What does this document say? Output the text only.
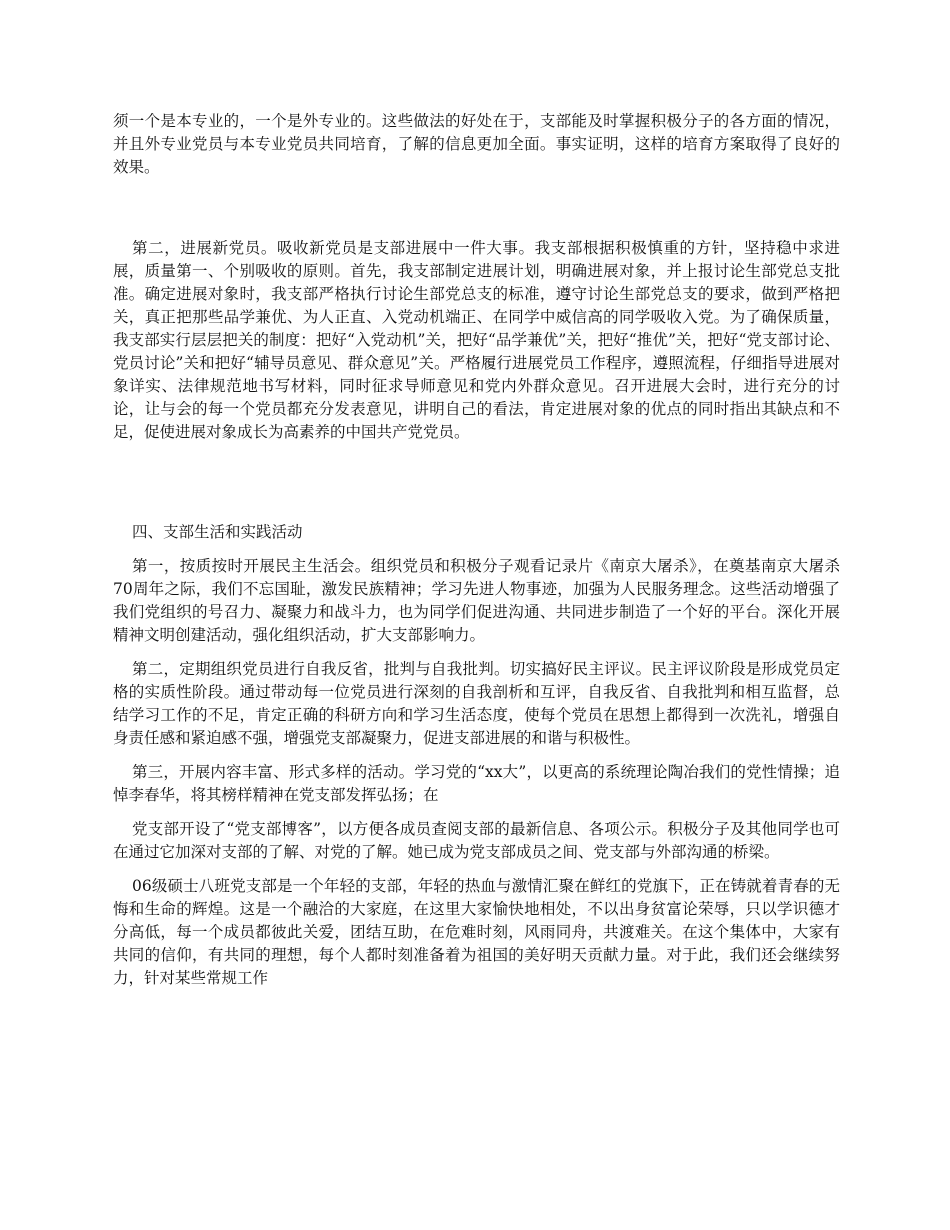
须一个是本专业的，一个是外专业的。这些做法的好处在于，支部能及时掌握积极分子的各方面的情况，并且外专业党员与本专业党员共同培育，了解的信息更加全面。事实证明，这样的培育方案取得了良好的效果。

第二，进展新党员。吸收新党员是支部进展中一件大事。我支部根据积极慎重的方针，坚持稳中求进展，质量第一、个别吸收的原则。首先，我支部制定进展计划，明确进展对象，并上报讨论生部党总支批准。确定进展对象时，我支部严格执行讨论生部党总支的标准，遵守讨论生部党总支的要求，做到严格把关，真正把那些品学兼优、为人正直、入党动机端正、在同学中威信高的同学吸收入党。为了确保质量，我支部实行层层把关的制度：把好“入党动机”关，把好“品学兼优”关，把好“推优”关，把好“党支部讨论、党员讨论”关和把好“辅导员意见、群众意见”关。严格履行进展党员工作程序，遵照流程，仔细指导进展对象详实、法律规范地书写材料，同时征求导师意见和党内外群众意见。召开进展大会时，进行充分的讨论，让与会的每一个党员都充分发表意见，讲明自己的看法，肯定进展对象的优点的同时指出其缺点和不足，促使进展对象成长为高素养的中国共产党党员。

四、支部生活和实践活动

第一，按质按时开展民主生活会。组织党员和积极分子观看记录片《南京大屠杀》，在奠基南京大屠杀70周年之际，我们不忘国耻，激发民族精神；学习先进人物事迹，加强为人民服务理念。这些活动增强了我们党组织的号召力、凝聚力和战斗力，也为同学们促进沟通、共同进步制造了一个好的平台。深化开展精神文明创建活动，强化组织活动，扩大支部影响力。

第二，定期组织党员进行自我反省，批判与自我批判。切实搞好民主评议。民主评议阶段是形成党员定格的实质性阶段。通过带动每一位党员进行深刻的自我剖析和互评，自我反省、自我批判和相互监督，总结学习工作的不足，肯定正确的科研方向和学习生活态度，使每个党员在思想上都得到一次洗礼，增强自身责任感和紧迫感不强，增强党支部凝聚力，促进支部进展的和谐与积极性。

第三，开展内容丰富、形式多样的活动。学习党的“xx大”，以更高的系统理论陶冶我们的党性情操；追悼李春华，将其榜样精神在党支部发挥弘扬；在

党支部开设了“党支部博客”，以方便各成员查阅支部的最新信息、各项公示。积极分子及其他同学也可在通过它加深对支部的了解、对党的了解。她已成为党支部成员之间、党支部与外部沟通的桥梁。

06级硕士八班党支部是一个年轻的支部，年轻的热血与激情汇聚在鲜红的党旗下，正在铸就着青春的无悔和生命的辉煌。这是一个融洽的大家庭，在这里大家愉快地相处，不以出身贫富论荣辱，只以学识德才分高低，每一个成员都彼此关爱，团结互助，在危难时刻，风雨同舟，共渡难关。在这个集体中，大家有共同的信仰，有共同的理想，每个人都时刻准备着为祖国的美好明天贡献力量。对于此，我们还会继续努力，针对某些常规工作
